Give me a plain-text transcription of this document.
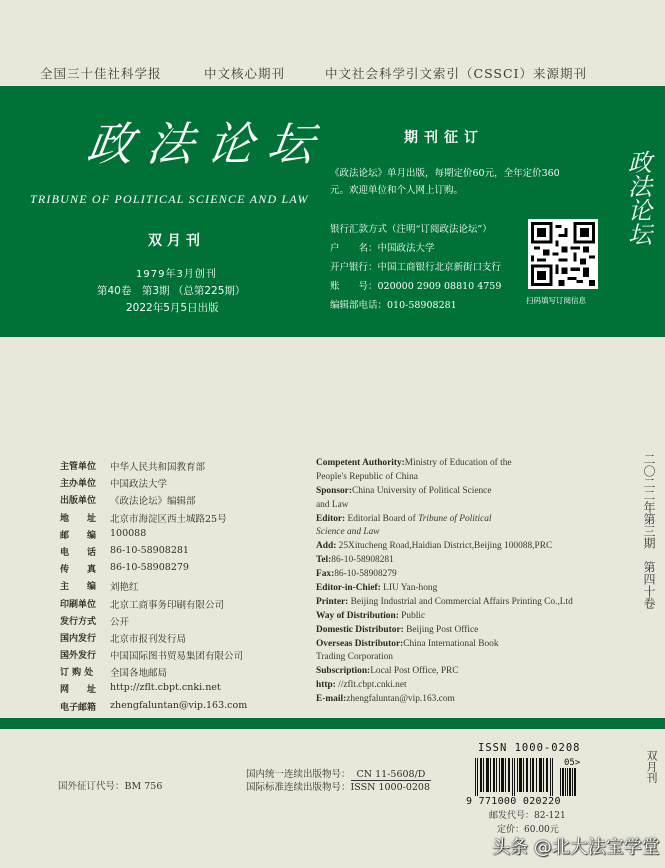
全国三十佳社科学报	中文核心期刊	中文社会科学引文索引（CSSCI）来源期刊
政法论坛
TRIBUNE OF POLITICAL SCIENCE AND LAW
双月刊
1979年3月创刊
第40卷　第3期 （总第225期）
2022年5月5日出版
期刊征订
《政法论坛》单月出版，每期定价60元，全年定价360元。欢迎单位和个人网上订购。
银行汇款方式（注明“订阅政法论坛”）
户　　名：中国政法大学
开户银行：中国工商银行北京新街口支行
账　　号：020000 2909 08810 4759
编辑部电话：010-58908281	扫码填写订阅信息
政法论坛
主管单位	中华人民共和国教育部
主办单位	中国政法大学
出版单位	《政法论坛》编辑部
地　　址	北京市海淀区西土城路25号
邮　　编	100088
电　　话	86-10-58908281
传　　真	86-10-58908279
主　　编	刘艳红
印刷单位	北京工商事务印刷有限公司
发行方式	公开
国内发行	北京市报刊发行局
国外发行	中国国际图书贸易集团有限公司
订 购 处	全国各地邮局
网　　址	http://zflt.cbpt.cnki.net
电子邮箱	zhengfaluntan@vip.163.com
Competent Authority:Ministry of Education of the
People's Republic of China
Sponsor:China University of Political Science
and Law
Editor: Editorial Board of Tribune of Political
Science and Law
Add: 25Xitucheng Road,Haidian District,Beijing 100088,PRC
Tel:86-10-58908281
Fax:86-10-58908279
Editor-in-Chief: LIU Yan-hong
Printer: Beijing Industrial and Commercial Affairs Printing Co.,Ltd
Way of Distribution: Public
Domestic Distributor: Beijing Post Office
Overseas Distributor:China International Book
Trading Corporation
Subscription:Local Post Office, PRC
http: //zflt.cbpt.cnki.net
E-mail:zhengfaluntan@vip.163.com
二〇二二年第三期　第四十卷
国外征订代号：BM 756
国内统一连续出版物号： CN 11-5608/D
国际标准连续出版物号：ISSN 1000-0208
ISSN 1000-0208
05>
9 771000 020220
邮发代号：82-121
定价：60.00元
双月刊
头条 @北大法宝学堂
